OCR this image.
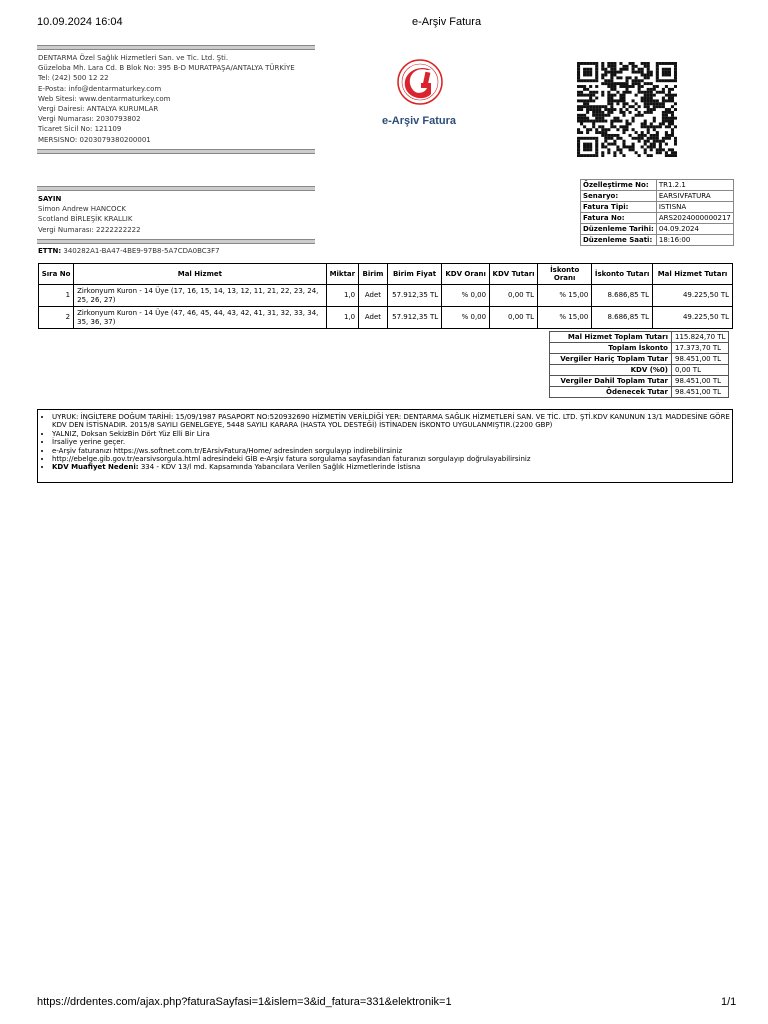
10.09.2024 16:04	e-Arşiv Fatura
DENTARMA Özel Sağlık Hizmetleri San. ve Tic. Ltd. Şti.
Güzeloba Mh. Lara Cd. B Blok No: 395 B-D MURATPAŞA/ANTALYA TÜRKİYE
Tel: (242) 500 12 22
E-Posta: info@dentarmaturkey.com
Web Sitesi: www.dentarmaturkey.com
Vergi Dairesi: ANTALYA KURUMLAR
Vergi Numarası: 2030793802
Ticaret Sicil No: 121109
MERSISNO: 0203079380200001
e-Arşiv Fatura
SAYIN
Simon Andrew HANCOCK
Scotland BİRLEŞİK KRALLIK
Vergi Numarası: 2222222222
ETTN: 340282A1-BA47-4BE9-97B8-5A7CDA0BC3F7
Özelleştirme No:	TR1.2.1
Senaryo:	EARSIVFATURA
Fatura Tipi:	ISTISNA
Fatura No:	ARS2024000000217
Düzenleme Tarihi:	04.09.2024
Düzenleme Saati:	18:16:00
Sıra No	Mal Hizmet	Miktar	Birim	Birim Fiyat	KDV Oranı	KDV Tutarı	İskonto Oranı	İskonto Tutarı	Mal Hizmet Tutarı
1	Zirkonyum Kuron - 14 Üye (17, 16, 15, 14, 13, 12, 11, 21, 22, 23, 24, 25, 26, 27)	1,0	Adet	57.912,35 TL	% 0,00	0,00 TL	% 15,00	8.686,85 TL	49.225,50 TL
2	Zirkonyum Kuron - 14 Üye (47, 46, 45, 44, 43, 42, 41, 31, 32, 33, 34, 35, 36, 37)	1,0	Adet	57.912,35 TL	% 0,00	0,00 TL	% 15,00	8.686,85 TL	49.225,50 TL
Mal Hizmet Toplam Tutarı	115.824,70 TL
Toplam İskonto	17.373,70 TL
Vergiler Hariç Toplam Tutar	98.451,00 TL
KDV (%0)	0,00 TL
Vergiler Dahil Toplam Tutar	98.451,00 TL
Ödenecek Tutar	98.451,00 TL
• UYRUK: İNGİLTERE DOĞUM TARİHİ: 15/09/1987 PASAPORT NO:520932690 HİZMETİN VERİLDİĞİ YER: DENTARMA SAĞLIK HİZMETLERİ SAN. VE TİC. LTD. ŞTİ.KDV KANUNUN 13/1 MADDESİNE GÖRE KDV DEN İSTİSNADIR. 2015/8 SAYILI GENELGEYE, 5448 SAYILI KARARA (HASTA YOL DESTEĞİ) İSTİNADEN İSKONTO UYGULANMIŞTIR.(2200 GBP)
• YALNIZ, Doksan SekizBin Dört Yüz Elli Bir Lira
• İrsaliye yerine geçer.
• e-Arşiv faturanızı https://ws.softnet.com.tr/EArsivFatura/Home/ adresinden sorgulayıp indirebilirsiniz
• http://ebelge.gib.gov.tr/earsivsorgula.html adresindeki GİB e-Arşiv fatura sorgulama sayfasından faturanızı sorgulayıp doğrulayabilirsiniz
• KDV Muafiyet Nedeni: 334 - KDV 13/l md. Kapsamında Yabancılara Verilen Sağlık Hizmetlerinde İstisna
https://drdentes.com/ajax.php?faturaSayfasi=1&islem=3&id_fatura=331&elektronik=1	1/1
